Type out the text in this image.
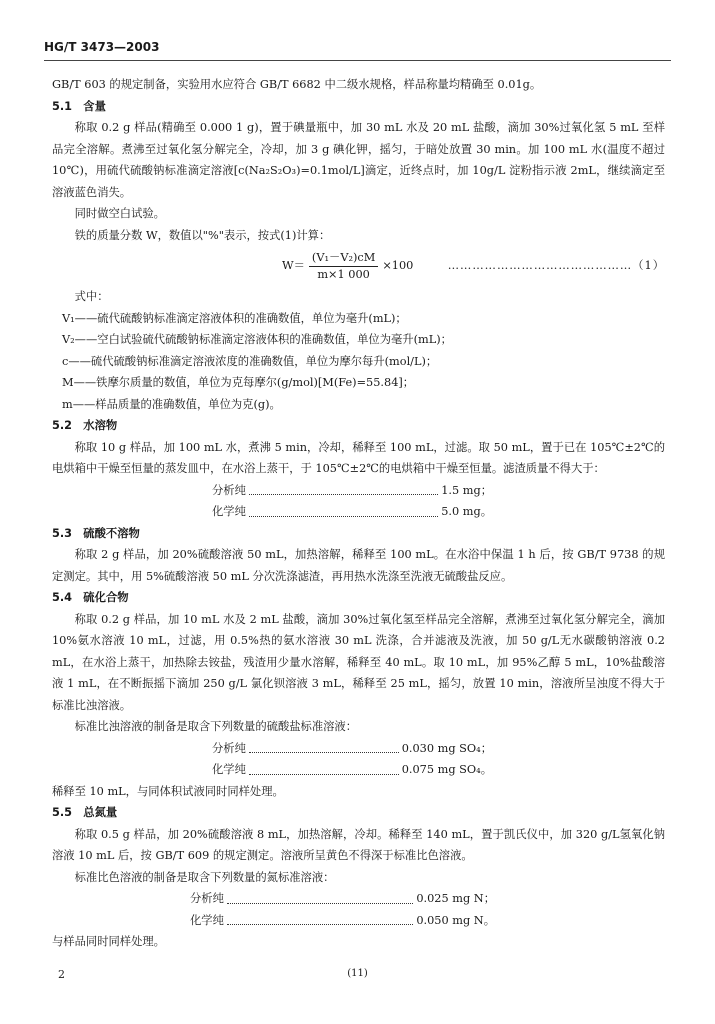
HG/T 3473—2003

GB/T 603 的规定制备，实验用水应符合 GB/T 6682 中二级水规格，样品称量均精确至 0.01g。

5.1　含量

称取 0.2 g 样品(精确至 0.000 1 g)，置于碘量瓶中，加 30 mL 水及 20 mL 盐酸，滴加 30%过氧化氢 5 mL 至样品完全溶解。煮沸至过氧化氢分解完全，冷却，加 3 g 碘化钾，摇匀，于暗处放置 30 min。加 100 mL 水(温度不超过 10℃)，用硫代硫酸钠标准滴定溶液[c(Na₂S₂O₃)=0.1mol/L]滴定，近终点时，加 10g/L 淀粉指示液 2mL，继续滴定至溶液蓝色消失。

同时做空白试验。

铁的质量分数 W，数值以"%"表示，按式(1)计算：

$W= \frac{\text{(V₁－V₂)cM}}{m\times 1 000} \times 100$	………………………………………（1）

式中：

V₁——硫代硫酸钠标准滴定溶液体积的准确数值，单位为毫升(mL)；

V₂——空白试验硫代硫酸钠标准滴定溶液体积的准确数值，单位为毫升(mL)；

c——硫代硫酸钠标准滴定溶液浓度的准确数值，单位为摩尔每升(mol/L)；

M——铁摩尔质量的数值，单位为克每摩尔(g/mol)[M(Fe)=55.84]；

m——样品质量的准确数值，单位为克(g)。

5.2　水溶物

称取 10 g 样品，加 100 mL 水，煮沸 5 min，冷却，稀释至 100 mL，过滤。取 50 mL，置于已在 105℃±2℃的电烘箱中干燥至恒量的蒸发皿中，在水浴上蒸干，于 105℃±2℃的电烘箱中干燥至恒量。滤渣质量不得大于：

分析纯	1.5 mg；
化学纯	5.0 mg。

5.3　硫酸不溶物

称取 2 g 样品，加 20%硫酸溶液 50 mL，加热溶解，稀释至 100 mL。在水浴中保温 1 h 后，按 GB/T 9738 的规定测定。其中，用 5%硫酸溶液 50 mL 分次洗涤滤渣，再用热水洗涤至洗液无硫酸盐反应。

5.4　硫化合物

称取 0.2 g 样品，加 10 mL 水及 2 mL 盐酸，滴加 30%过氧化氢至样品完全溶解，煮沸至过氧化氢分解完全，滴加 10%氨水溶液 10 mL，过滤，用 0.5%热的氨水溶液 30 mL 洗涤，合并滤液及洗液，加 50 g/L无水碳酸钠溶液 0.2 mL，在水浴上蒸干，加热除去铵盐，残渣用少量水溶解，稀释至 40 mL。取 10 mL，加 95%乙醇 5 mL，10%盐酸溶液 1 mL，在不断振摇下滴加 250 g/L 氯化钡溶液 3 mL，稀释至 25 mL，摇匀，放置 10 min，溶液所呈浊度不得大于标准比浊溶液。

标准比浊溶液的制备是取含下列数量的硫酸盐标准溶液：

分析纯	0.030 mg SO₄；
化学纯	0.075 mg SO₄。

稀释至 10 mL，与同体积试液同时同样处理。

5.5　总氮量

称取 0.5 g 样品，加 20%硫酸溶液 8 mL，加热溶解，冷却。稀释至 140 mL，置于凯氏仪中，加 320 g/L氢氧化钠溶液 10 mL 后，按 GB/T 609 的规定测定。溶液所呈黄色不得深于标准比色溶液。

标准比色溶液的制备是取含下列数量的氮标准溶液：

分析纯	0.025 mg N；
化学纯	0.050 mg N。

与样品同时同样处理。

2	(11)
